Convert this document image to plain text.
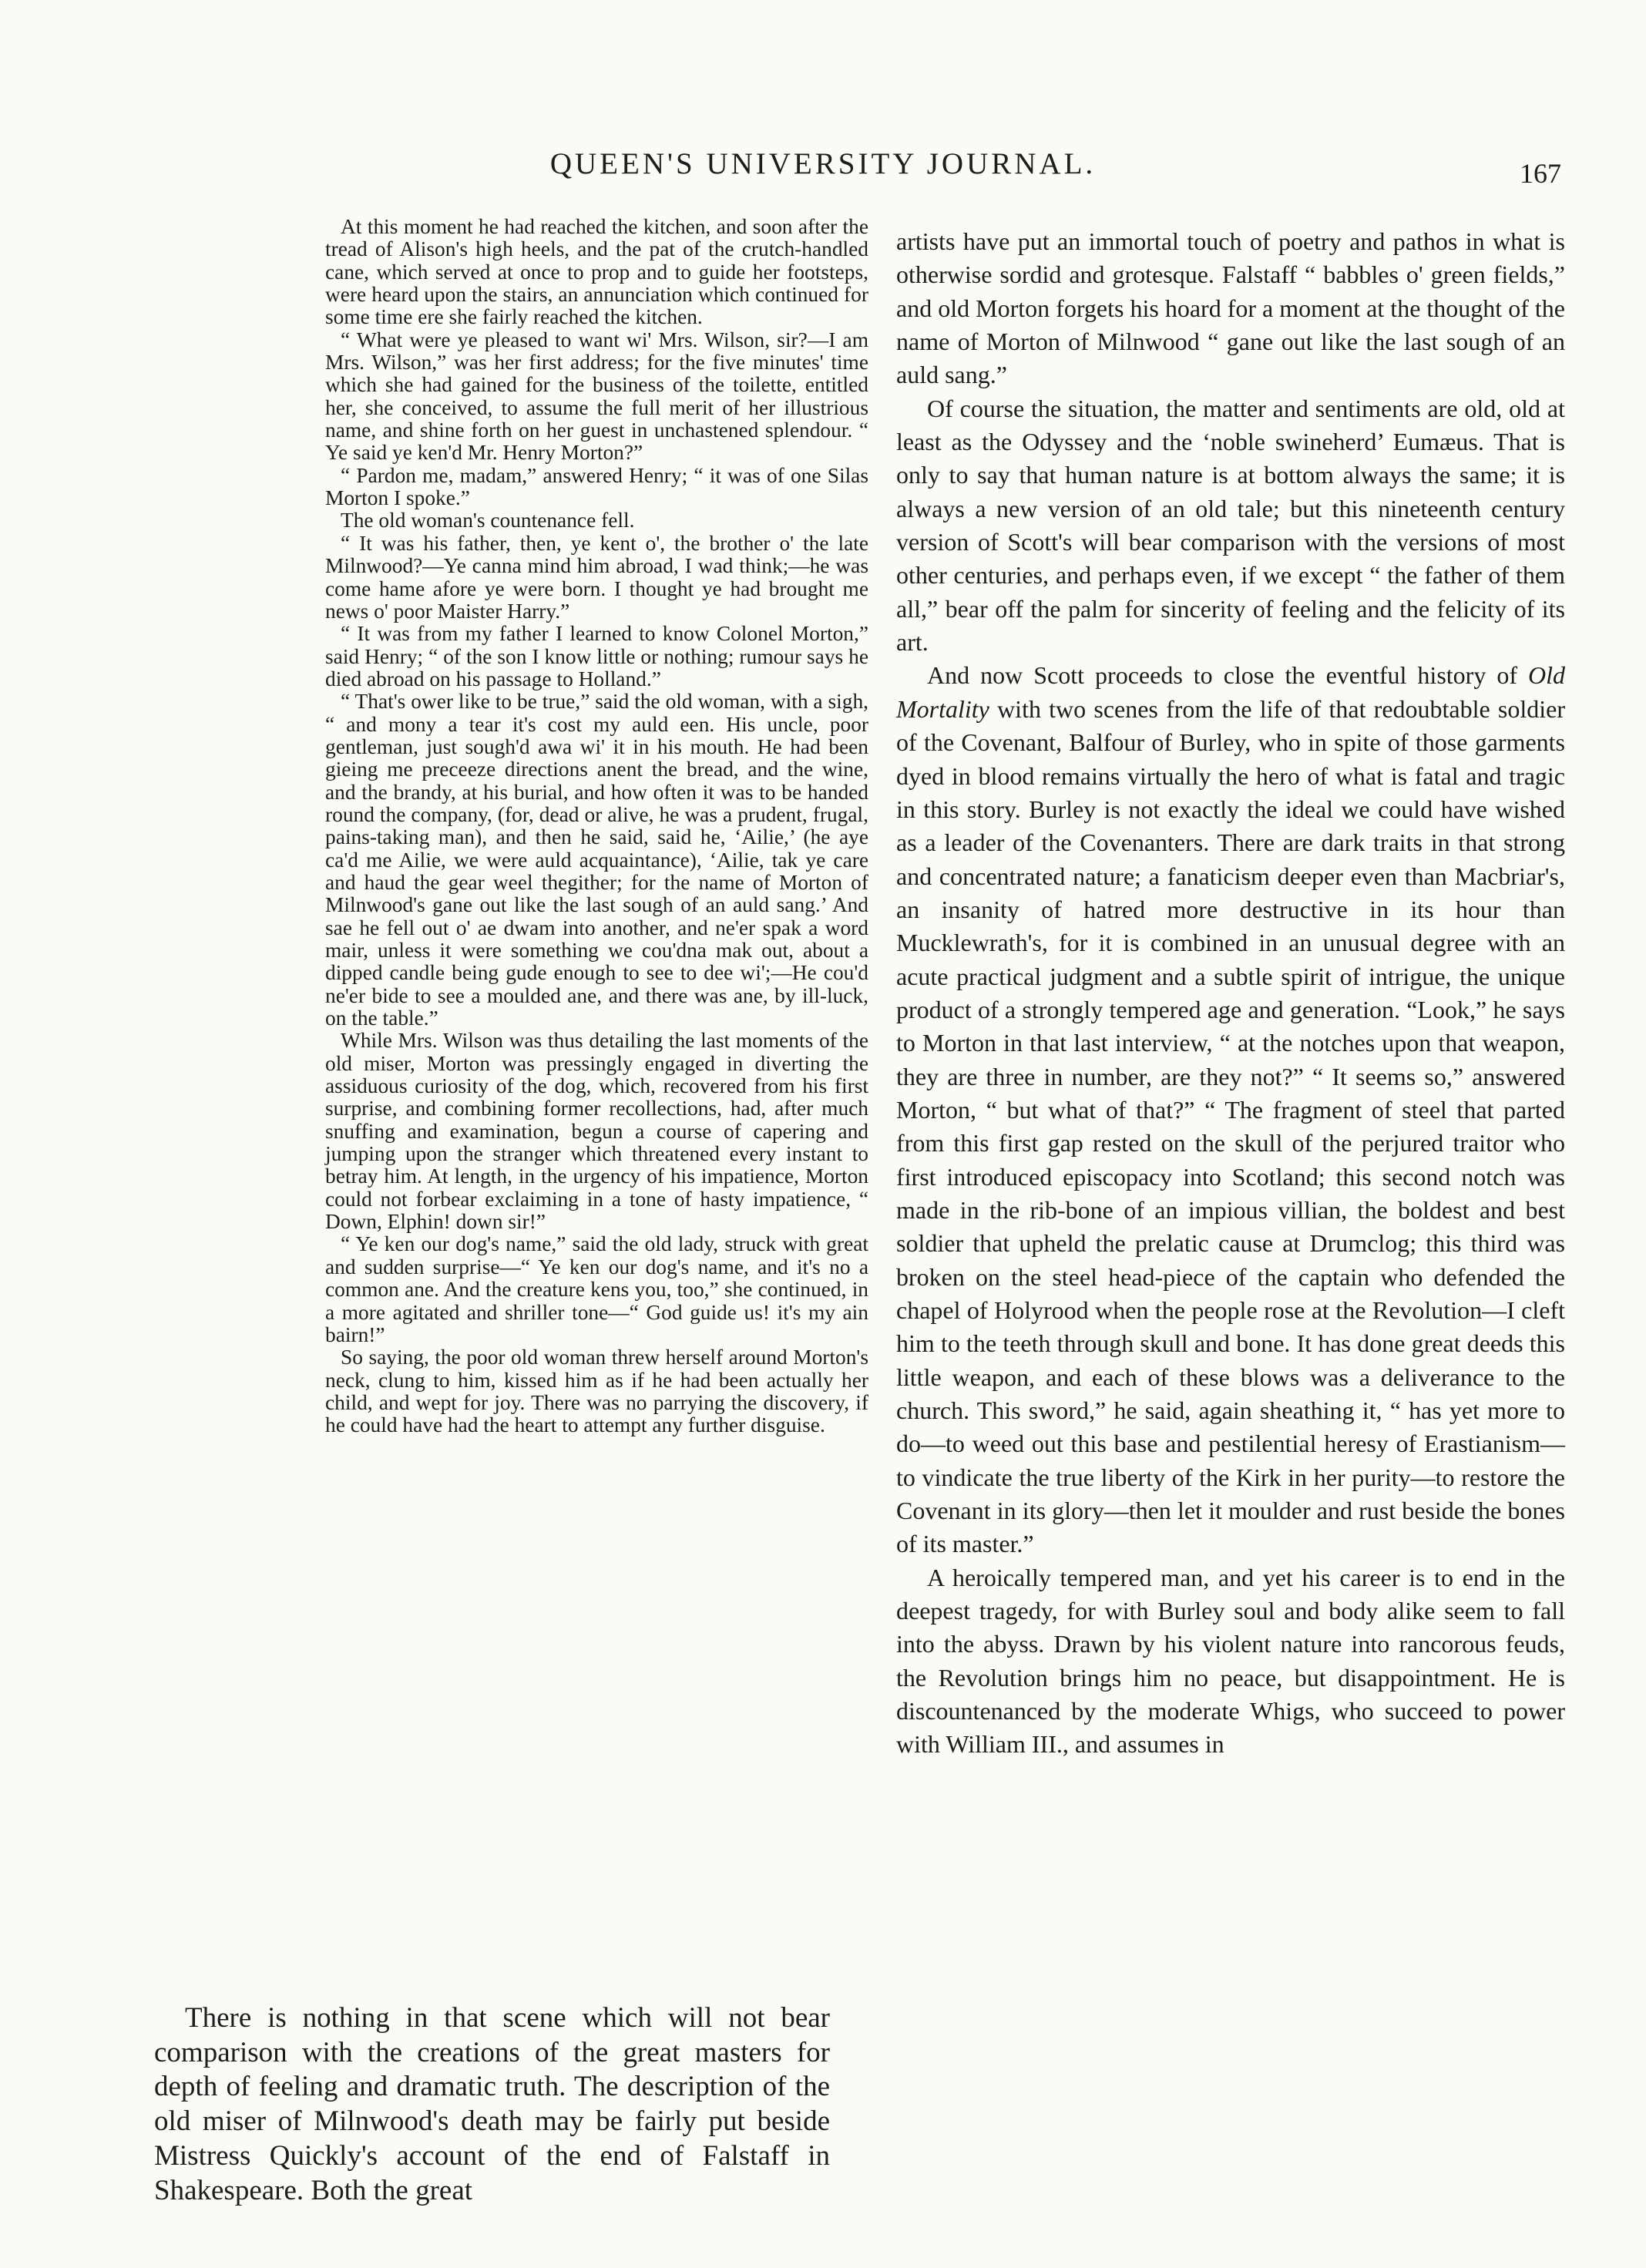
QUEEN'S UNIVERSITY JOURNAL.	167

At this moment he had reached the kitchen, and soon after the tread of Alison's high heels, and the pat of the crutch-handled cane, which served at once to prop and to guide her footsteps, were heard upon the stairs, an annunciation which continued for some time ere she fairly reached the kitchen.

“ What were ye pleased to want wi' Mrs. Wilson, sir?—I am Mrs. Wilson,” was her first address; for the five minutes' time which she had gained for the business of the toilette, entitled her, she conceived, to assume the full merit of her illustrious name, and shine forth on her guest in unchastened splendour. “ Ye said ye ken'd Mr. Henry Morton?”

“ Pardon me, madam,” answered Henry; “ it was of one Silas Morton I spoke.”

The old woman's countenance fell.

“ It was his father, then, ye kent o', the brother o' the late Milnwood?—Ye canna mind him abroad, I wad think;—he was come hame afore ye were born. I thought ye had brought me news o' poor Maister Harry.”

“ It was from my father I learned to know Colonel Morton,” said Henry; “ of the son I know little or nothing; rumour says he died abroad on his passage to Holland.”

“ That's ower like to be true,” said the old woman, with a sigh, “ and mony a tear it's cost my auld een. His uncle, poor gentleman, just sough'd awa wi' it in his mouth. He had been gieing me preceeze directions anent the bread, and the wine, and the brandy, at his burial, and how often it was to be handed round the company, (for, dead or alive, he was a prudent, frugal, pains-taking man), and then he said, said he, ‘Ailie,’ (he aye ca'd me Ailie, we were auld acquaintance), ‘Ailie, tak ye care and haud the gear weel thegither; for the name of Morton of Milnwood's gane out like the last sough of an auld sang.’ And sae he fell out o' ae dwam into another, and ne'er spak a word mair, unless it were something we cou'dna mak out, about a dipped candle being gude enough to see to dee wi';—He cou'd ne'er bide to see a moulded ane, and there was ane, by ill-luck, on the table.”

While Mrs. Wilson was thus detailing the last moments of the old miser, Morton was pressingly engaged in diverting the assiduous curiosity of the dog, which, recovered from his first surprise, and combining former recollections, had, after much snuffing and examination, begun a course of capering and jumping upon the stranger which threatened every instant to betray him. At length, in the urgency of his impatience, Morton could not forbear exclaiming in a tone of hasty impatience, “ Down, Elphin! down sir!”

“ Ye ken our dog's name,” said the old lady, struck with great and sudden surprise—“ Ye ken our dog's name, and it's no a common ane. And the creature kens you, too,” she continued, in a more agitated and shriller tone—“ God guide us! it's my ain bairn!”

So saying, the poor old woman threw herself around Morton's neck, clung to him, kissed him as if he had been actually her child, and wept for joy. There was no parrying the discovery, if he could have had the heart to attempt any further disguise.

There is nothing in that scene which will not bear comparison with the creations of the great masters for depth of feeling and dramatic truth. The description of the old miser of Milnwood's death may be fairly put beside Mistress Quickly's account of the end of Falstaff in Shakespeare. Both the great

artists have put an immortal touch of poetry and pathos in what is otherwise sordid and grotesque. Falstaff “ babbles o' green fields,” and old Morton forgets his hoard for a moment at the thought of the name of Morton of Milnwood “ gane out like the last sough of an auld sang.”

Of course the situation, the matter and sentiments are old, old at least as the Odyssey and the ‘noble swineherd’ Eumæus. That is only to say that human nature is at bottom always the same; it is always a new version of an old tale; but this nineteenth century version of Scott's will bear comparison with the versions of most other centuries, and perhaps even, if we except “ the father of them all,” bear off the palm for sincerity of feeling and the felicity of its art.

And now Scott proceeds to close the eventful history of Old Mortality with two scenes from the life of that redoubtable soldier of the Covenant, Balfour of Burley, who in spite of those garments dyed in blood remains virtually the hero of what is fatal and tragic in this story. Burley is not exactly the ideal we could have wished as a leader of the Covenanters. There are dark traits in that strong and concentrated nature; a fanaticism deeper even than Macbriar's, an insanity of hatred more destructive in its hour than Mucklewrath's, for it is combined in an unusual degree with an acute practical judgment and a subtle spirit of intrigue, the unique product of a strongly tempered age and generation. “Look,” he says to Morton in that last interview, “ at the notches upon that weapon, they are three in number, are they not?” “ It seems so,” answered Morton, “ but what of that?” “ The fragment of steel that parted from this first gap rested on the skull of the perjured traitor who first introduced episcopacy into Scotland; this second notch was made in the rib-bone of an impious villian, the boldest and best soldier that upheld the prelatic cause at Drumclog; this third was broken on the steel head-piece of the captain who defended the chapel of Holyrood when the people rose at the Revolution—I cleft him to the teeth through skull and bone. It has done great deeds this little weapon, and each of these blows was a deliverance to the church. This sword,” he said, again sheathing it, “ has yet more to do—to weed out this base and pestilential heresy of Erastianism—to vindicate the true liberty of the Kirk in her purity—to restore the Covenant in its glory—then let it moulder and rust beside the bones of its master.”

A heroically tempered man, and yet his career is to end in the deepest tragedy, for with Burley soul and body alike seem to fall into the abyss. Drawn by his violent nature into rancorous feuds, the Revolution brings him no peace, but disappointment. He is discountenanced by the moderate Whigs, who succeed to power with William III., and assumes in
